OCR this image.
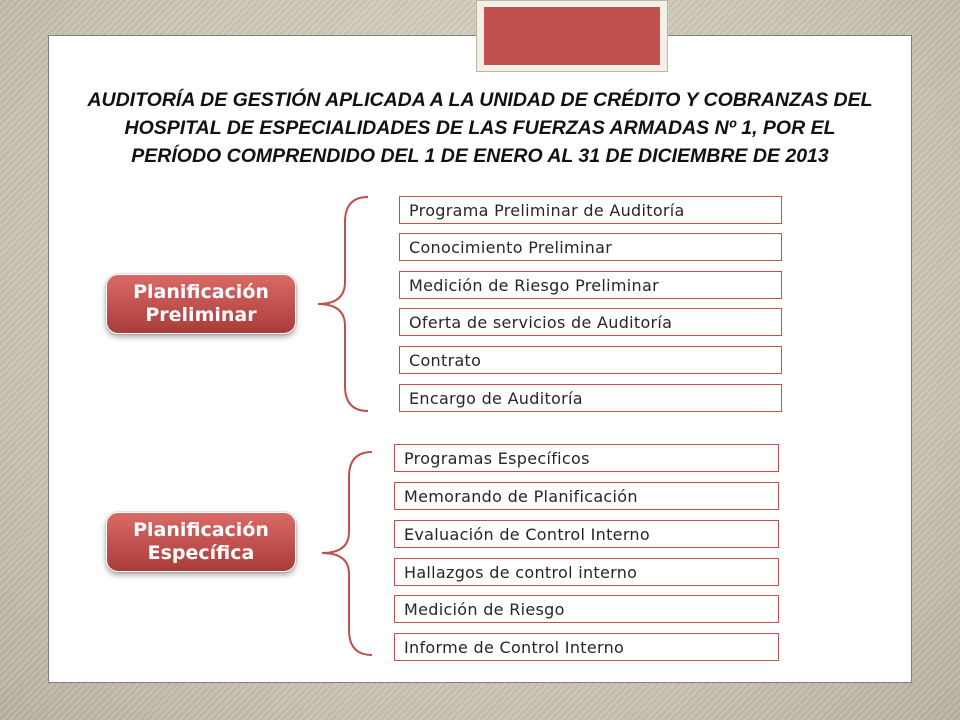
AUDITORÍA DE GESTIÓN APLICADA A LA UNIDAD DE CRÉDITO Y COBRANZAS DEL HOSPITAL DE ESPECIALIDADES DE LAS FUERZAS ARMADAS Nº 1, POR EL PERÍODO COMPRENDIDO DEL 1 DE ENERO AL 31 DE DICIEMBRE DE 2013

Planificación
Preliminar
Planificación
Específica
Programa Preliminar de Auditoría
Conocimiento Preliminar
Medición de Riesgo Preliminar
Oferta de servicios de Auditoría
Contrato
Encargo de Auditoría
Programas Específicos
Memorando de Planificación
Evaluación de Control Interno
Hallazgos de control interno
Medición de Riesgo
Informe de Control Interno
